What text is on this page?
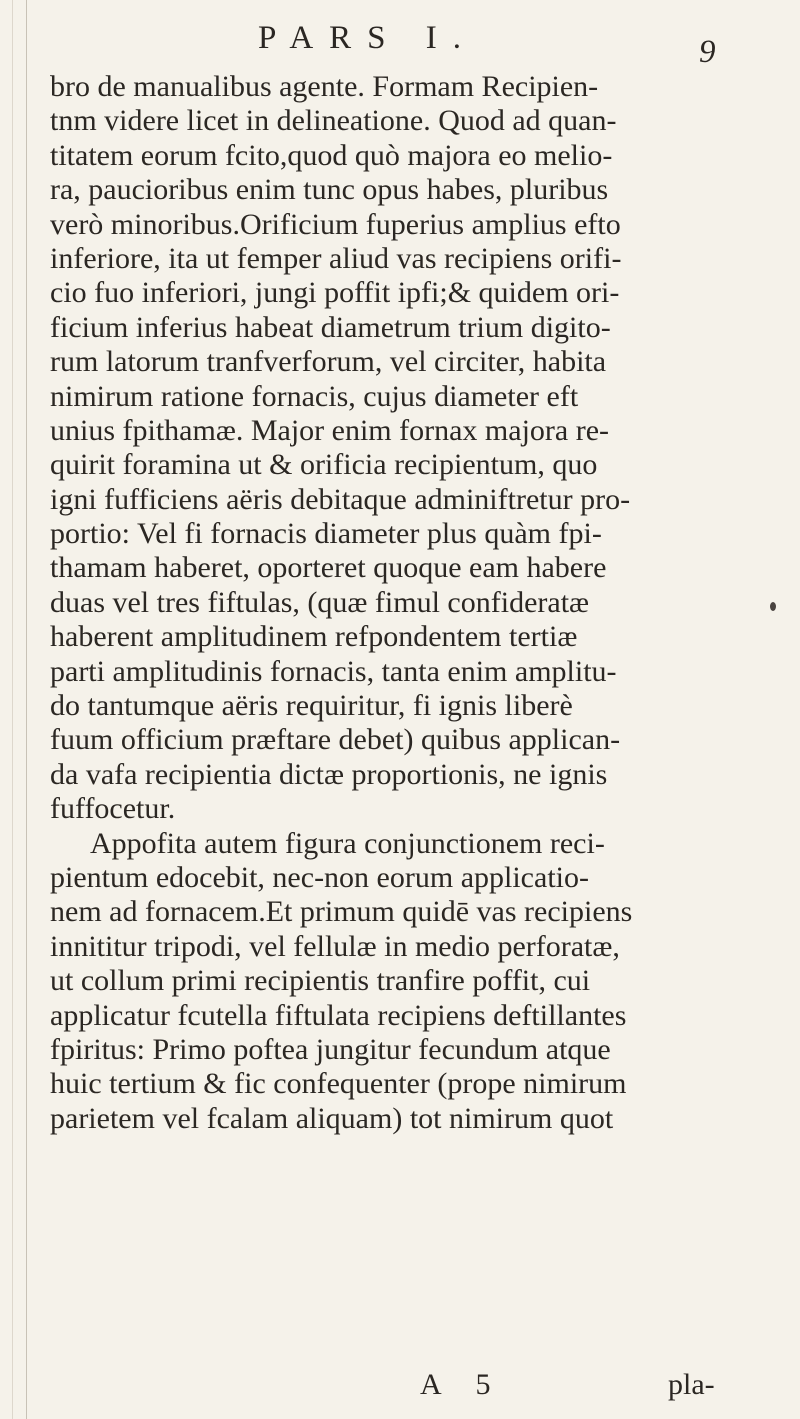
PARS I.	9
bro de manualibus agente. Formam Recipien-
tnm videre licet in delineatione. Quod ad quan-
titatem eorum fcito,quod quò majora eo melio-
ra, paucioribus enim tunc opus habes, pluribus
verò minoribus.Orificium fuperius amplius efto
inferiore, ita ut femper aliud vas recipiens orifi-
cio fuo inferiori, jungi poffit ipfi;& quidem ori-
ficium inferius habeat diametrum trium digito-
rum latorum tranfverforum, vel circiter, habita
nimirum ratione fornacis, cujus diameter eft
unius fpithamæ. Major enim fornax majora re-
quirit foramina ut & orificia recipientum, quo
igni fufficiens aëris debitaque adminiftretur pro-
portio: Vel fi fornacis diameter plus quàm fpi-
thamam haberet, oporteret quoque eam habere
duas vel tres fiftulas, (quæ fimul confideratæ
haberent amplitudinem refpondentem tertiæ
parti amplitudinis fornacis, tanta enim amplitu-
do tantumque aëris requiritur, fi ignis liberè
fuum officium præftare debet) quibus applican-
da vafa recipientia dictæ proportionis, ne ignis
fuffocetur.
Appofita autem figura conjunctionem reci-
pientum edocebit, nec-non eorum applicatio-
nem ad fornacem.Et primum quidē vas recipiens
innititur tripodi, vel fellulæ in medio perforatæ,
ut collum primi recipientis tranfire poffit, cui
applicatur fcutella fiftulata recipiens deftillantes
fpiritus: Primo poftea jungitur fecundum atque
huic tertium & fic confequenter (prope nimirum
parietem vel fcalam aliquam) tot nimirum quot
A 5	pla-
